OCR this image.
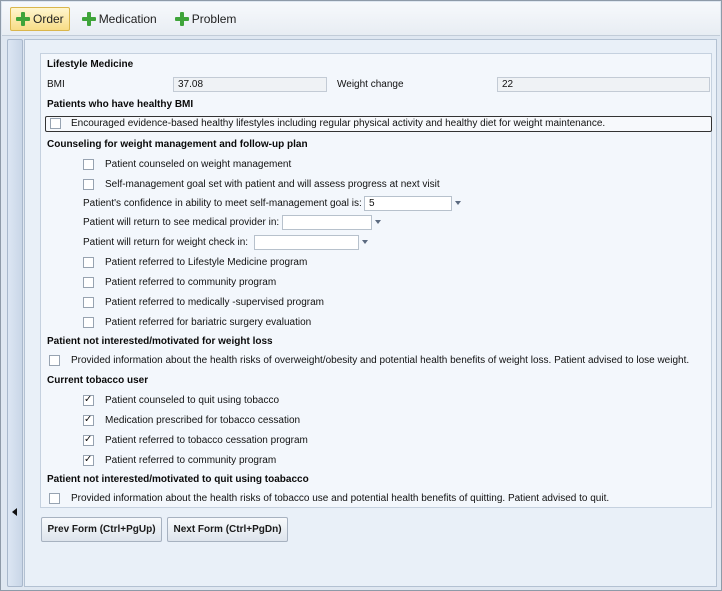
Order	Medication	Problem
Lifestyle Medicine
BMI	37.08	Weight change	22
Patients who have healthy BMI
Encouraged evidence-based healthy lifestyles including regular physical activity and healthy diet for weight maintenance.
Counseling for weight management and follow-up plan
Patient counseled on weight management
Self-management goal set with patient and will assess progress at next visit
Patient's confidence in ability to meet self-management goal is: 5
Patient will return to see medical provider in:
Patient will return for weight check in:
Patient referred to Lifestyle Medicine program
Patient referred to community program
Patient referred to medically -supervised program
Patient referred for bariatric surgery evaluation
Patient not interested/motivated for weight loss
Provided information about the health risks of overweight/obesity and potential health benefits of weight loss. Patient advised to lose weight.
Current tobacco user
✓
Patient counseled to quit using tobacco
✓
Medication prescribed for tobacco cessation
✓
Patient referred to tobacco cessation program
✓
Patient referred to community program
Patient not interested/motivated to quit using toabacco
Provided information about the health risks of tobacco use and potential health benefits of quitting. Patient advised to quit.
Prev Form (Ctrl+PgUp)	Next Form (Ctrl+PgDn)
